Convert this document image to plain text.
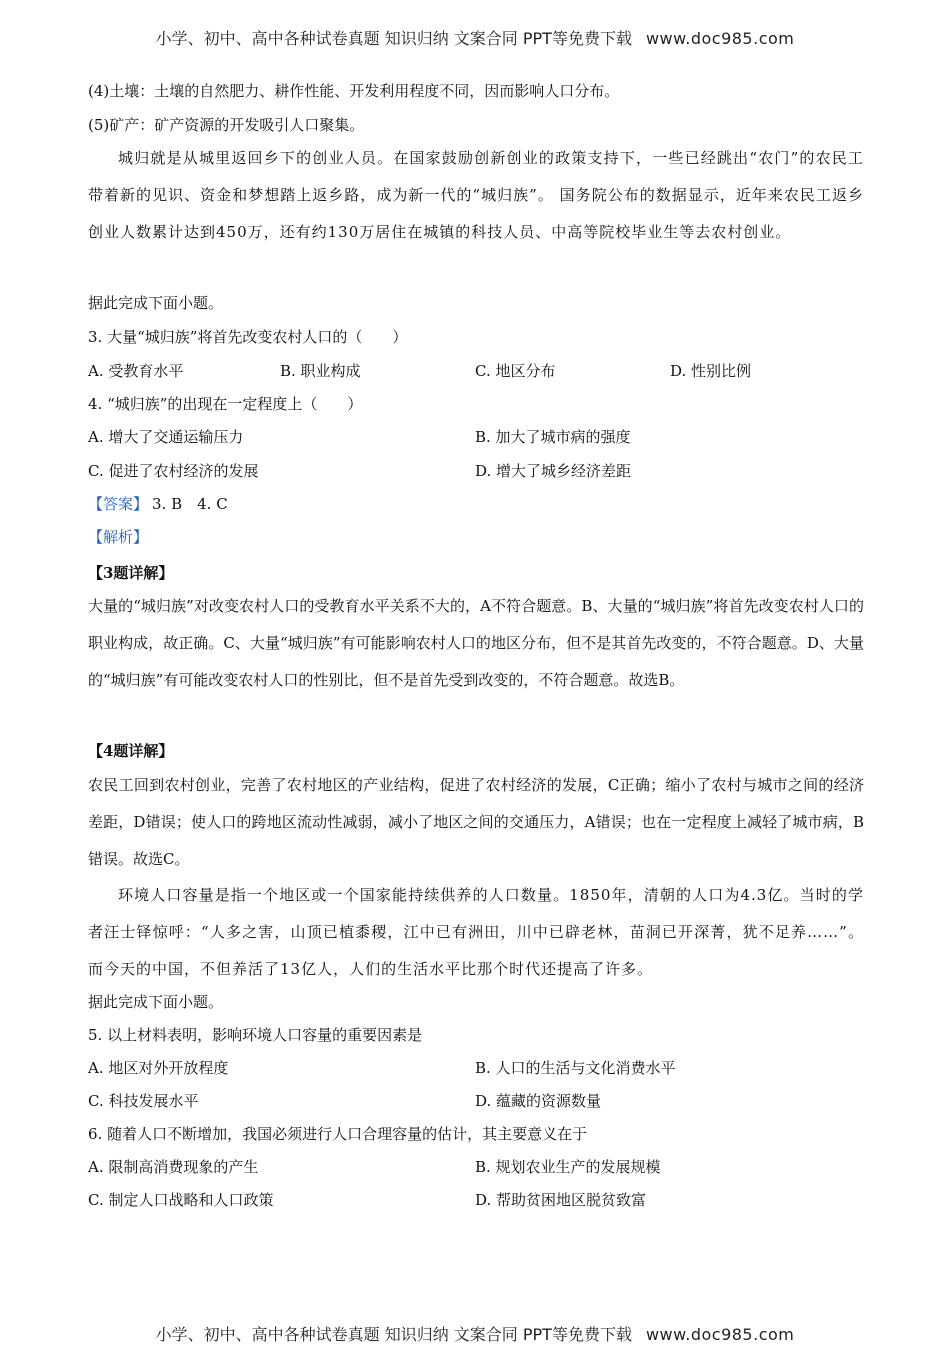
小学、初中、高中各种试卷真题 知识归纳 文案合同 PPT等免费下载 www.doc985.com
(4)土壤：土壤的自然肥力、耕作性能、开发利用程度不同，因而影响人口分布。
(5)矿产：矿产资源的开发吸引人口聚集。
城归就是从城里返回乡下的创业人员。在国家鼓励创新创业的政策支持下，一些已经跳出“农门”的农民工带着新的见识、资金和梦想踏上返乡路，成为新一代的“城归族”。 国务院公布的数据显示，近年来农民工返乡创业人数累计达到450万，还有约130万居住在城镇的科技人员、中高等院校毕业生等去农村创业。
据此完成下面小题。
3. 大量“城归族”将首先改变农村人口的（　　）
A. 受教育水平	B. 职业构成	C. 地区分布	D. 性别比例
4. “城归族”的出现在一定程度上（　　）
A. 增大了交通运输压力	B. 加大了城市病的强度
C. 促进了农村经济的发展	D. 增大了城乡经济差距
【答案】 3. B　4. C
【解析】
【3题详解】
大量的“城归族”对改变农村人口的受教育水平关系不大的，A不符合题意。B、大量的“城归族”将首先改变农村人口的职业构成，故正确。C、大量“城归族”有可能影响农村人口的地区分布，但不是其首先改变的，不符合题意。D、大量的“城归族”有可能改变农村人口的性别比，但不是首先受到改变的，不符合题意。故选B。
【4题详解】
农民工回到农村创业，完善了农村地区的产业结构，促进了农村经济的发展，C正确；缩小了农村与城市之间的经济差距，D错误；使人口的跨地区流动性减弱，减小了地区之间的交通压力，A错误；也在一定程度上减轻了城市病，B错误。故选C。
环境人口容量是指一个地区或一个国家能持续供养的人口数量。1850年，清朝的人口为4.3亿。当时的学者汪士铎惊呼：“人多之害，山顶已植黍稷，江中已有洲田，川中已辟老林，苗洞已开深菁，犹不足养……”。而今天的中国，不但养活了13亿人，人们的生活水平比那个时代还提高了许多。
据此完成下面小题。
5. 以上材料表明，影响环境人口容量的重要因素是
A. 地区对外开放程度	B. 人口的生活与文化消费水平
C. 科技发展水平	D. 蕴藏的资源数量
6. 随着人口不断增加，我国必须进行人口合理容量的估计，其主要意义在于
A. 限制高消费现象的产生	B. 规划农业生产的发展规模
C. 制定人口战略和人口政策	D. 帮助贫困地区脱贫致富
小学、初中、高中各种试卷真题 知识归纳 文案合同 PPT等免费下载 www.doc985.com
